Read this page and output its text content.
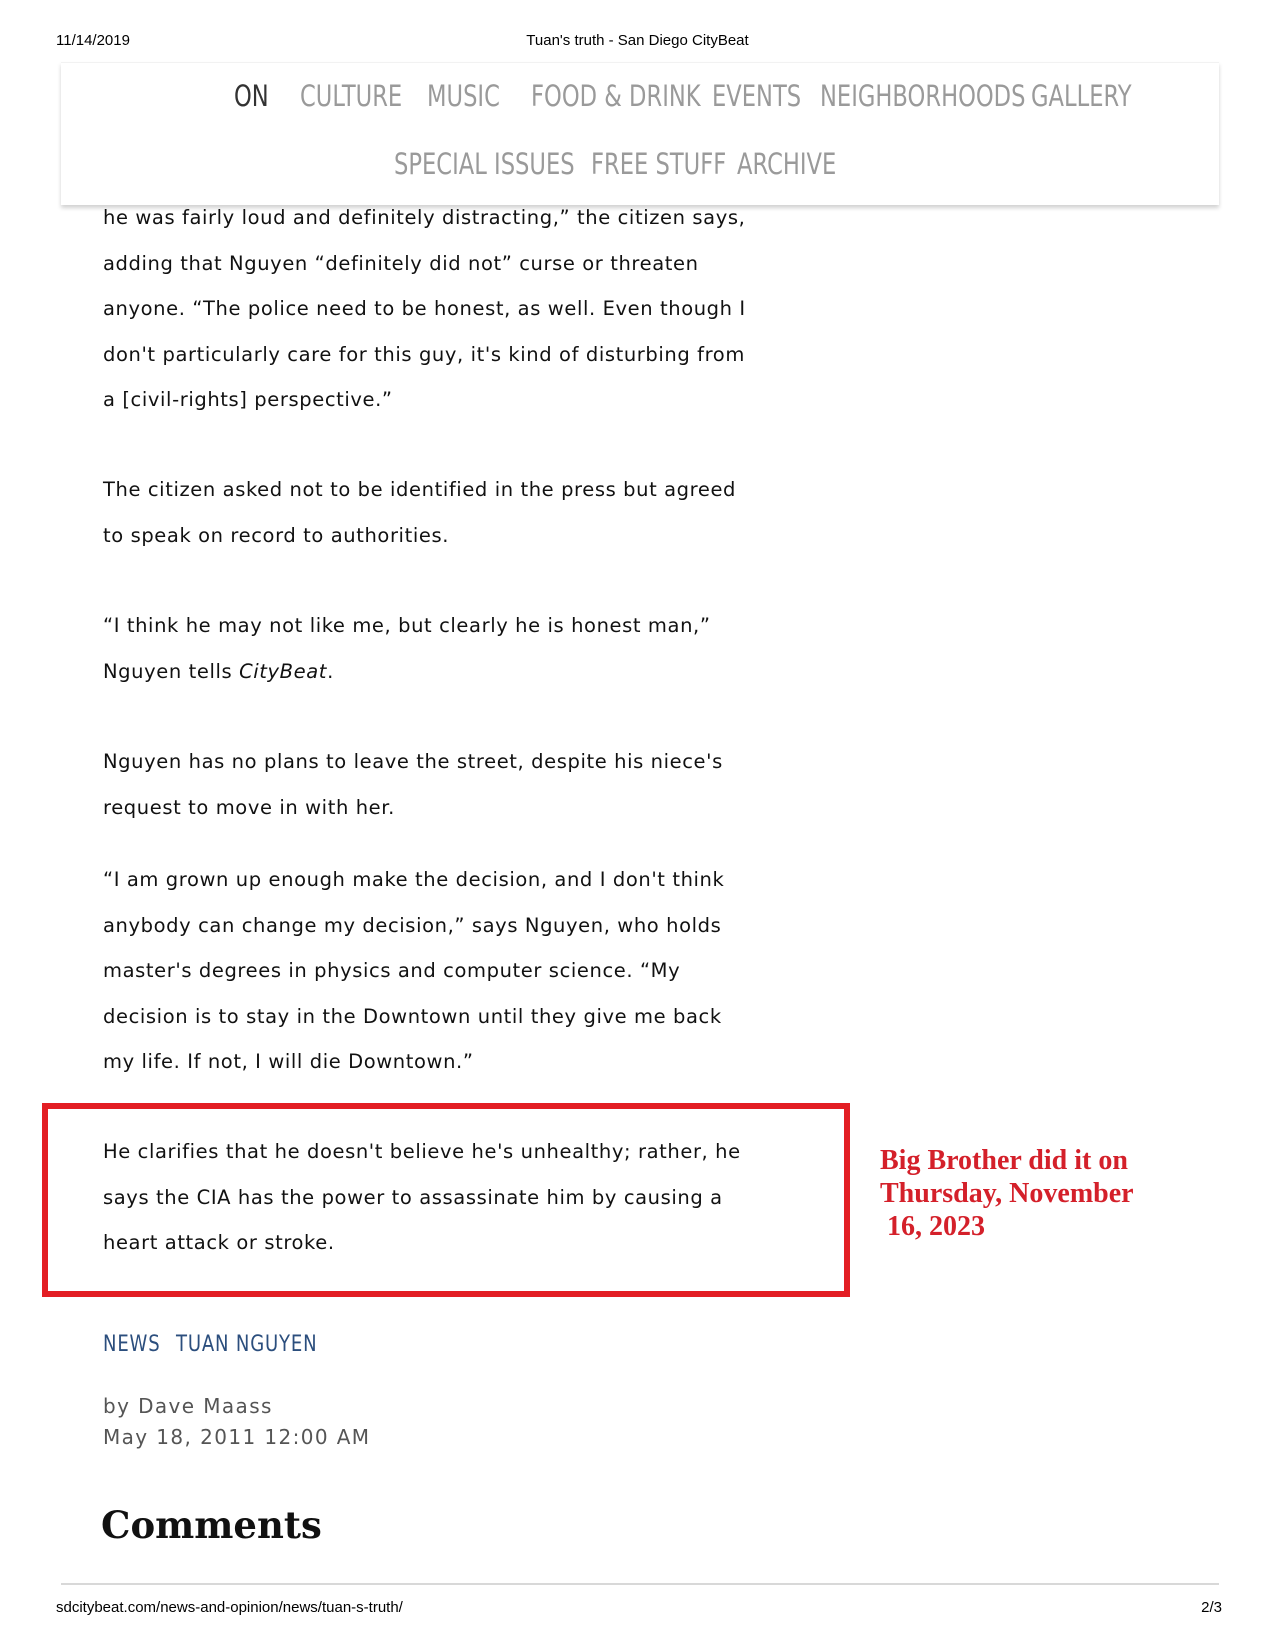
11/14/2019	Tuan's truth - San Diego CityBeat
ON CULTURE MUSIC FOOD & DRINK EVENTS NEIGHBORHOODS GALLERY
SPECIAL ISSUES FREE STUFF ARCHIVE
he was fairly loud and definitely distracting,” the citizen says,
adding that Nguyen “definitely did not” curse or threaten
anyone. “The police need to be honest, as well. Even though I
don't particularly care for this guy, it's kind of disturbing from
a [civil-rights] perspective.”
The citizen asked not to be identified in the press but agreed
to speak on record to authorities.
“I think he may not like me, but clearly he is honest man,”
Nguyen tells CityBeat.
Nguyen has no plans to leave the street, despite his niece's
request to move in with her.
“I am grown up enough make the decision, and I don't think
anybody can change my decision,” says Nguyen, who holds
master's degrees in physics and computer science. “My
decision is to stay in the Downtown until they give me back
my life. If not, I will die Downtown.”
He clarifies that he doesn't believe he's unhealthy; rather, he
says the CIA has the power to assassinate him by causing a
heart attack or stroke.
Big Brother did it on
Thursday, November
16, 2023
NEWS TUAN NGUYEN
by Dave Maass
May 18, 2011 12:00 AM
Comments
sdcitybeat.com/news-and-opinion/news/tuan-s-truth/	2/3
